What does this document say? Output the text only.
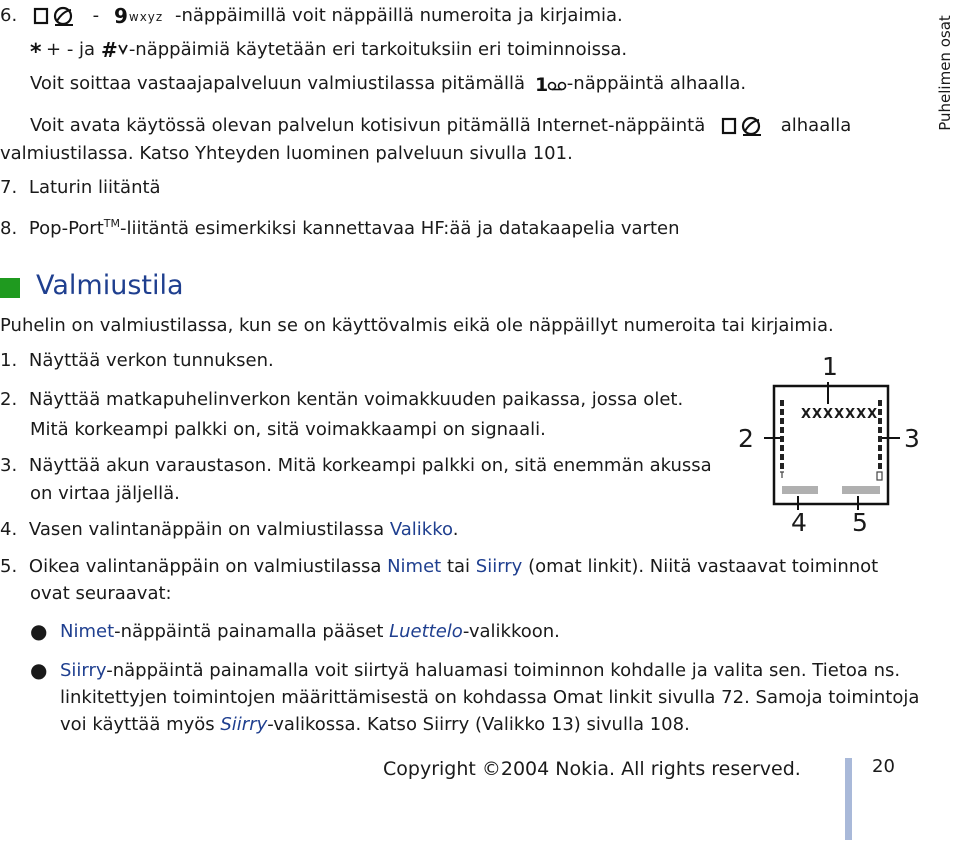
Puhelimen osat
6.	- 9 wxyz -näppäimillä voit näppäillä numeroita ja kirjaimia.
* + - ja # -näppäimiä käytetään eri tarkoituksiin eri toiminnoissa.
Voit soittaa vastaajapalveluun valmiustilassa pitämällä 1 -näppäintä alhaalla.
Voit avata käytössä olevan palvelun kotisivun pitämällä Internet-näppäintä	alhaalla
valmiustilassa. Katso Yhteyden luominen palveluun sivulla 101.
7. Laturin liitäntä
8. Pop-Port™-liitäntä esimerkiksi kannettavaa HF:ää ja datakaapelia varten
Valmiustila
Puhelin on valmiustilassa, kun se on käyttövalmis eikä ole näppäillyt numeroita tai kirjaimia.
1. Näyttää verkon tunnuksen.
2. Näyttää matkapuhelinverkon kentän voimakkuuden paikassa, jossa olet.
Mitä korkeampi palkki on, sitä voimakkaampi on signaali.
3. Näyttää akun varaustason. Mitä korkeampi palkki on, sitä enemmän akussa
on virtaa jäljellä.
4. Vasen valintanäppäin on valmiustilassa Valikko.
5. Oikea valintanäppäin on valmiustilassa Nimet tai Siirry (omat linkit). Niitä vastaavat toiminnot
ovat seuraavat:
● Nimet-näppäintä painamalla pääset Luettelo-valikkoon.
● Siirry-näppäintä painamalla voit siirtyä haluamasi toiminnon kohdalle ja valita sen. Tietoa ns.
linkitettyjen toimintojen määrittämisestä on kohdassa Omat linkit sivulla 72. Samoja toimintoja
voi käyttää myös Siirry-valikossa. Katso Siirry (Valikko 13) sivulla 108.
XXXXXXX
1
2	3
4 5
Copyright ©2004 Nokia. All rights reserved.	20
